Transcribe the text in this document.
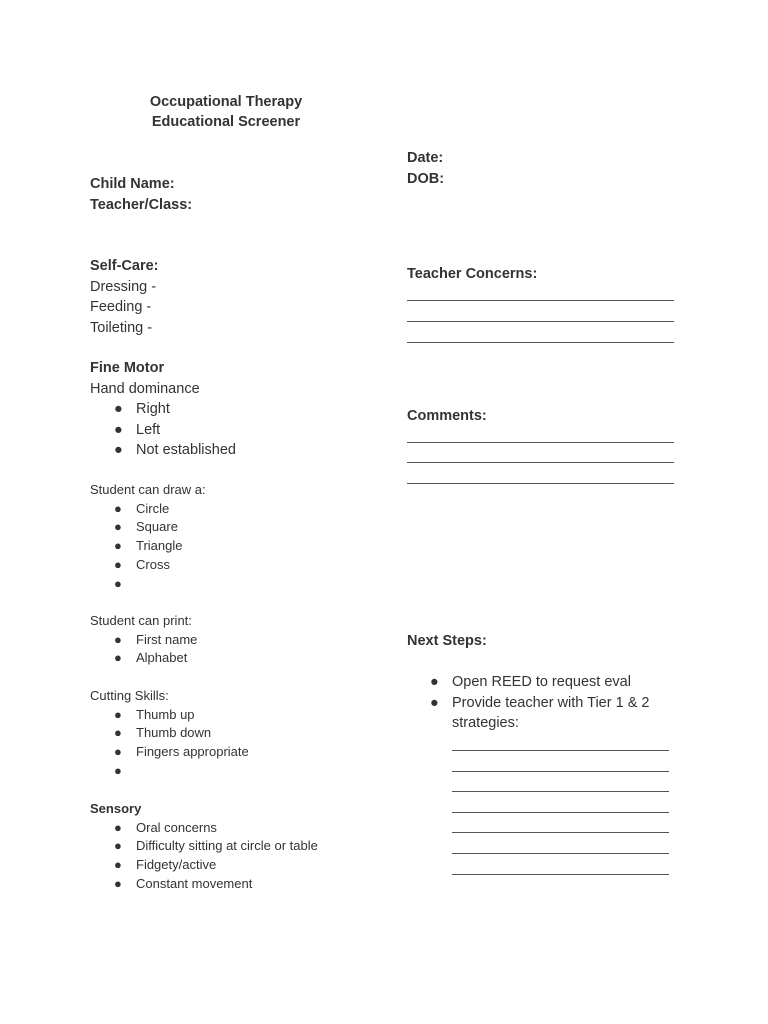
Occupational Therapy
Educational Screener
Child Name:
Teacher/Class:
Date:
DOB:
Self-Care:
Dressing -
Feeding -
Toileting -
Fine Motor
Hand dominance
● Right
● Left
● Not established
Student can draw a:
● Circle
● Square
● Triangle
● Cross
●
Student can print:
● First name
● Alphabet
Cutting Skills:
● Thumb up
● Thumb down
● Fingers appropriate
●
Sensory
● Oral concerns
● Difficulty sitting at circle or table
● Fidgety/active
● Constant movement
Teacher Concerns:
Comments:
Next Steps:
● Open REED to request eval
● Provide teacher with Tier 1 & 2
strategies:
